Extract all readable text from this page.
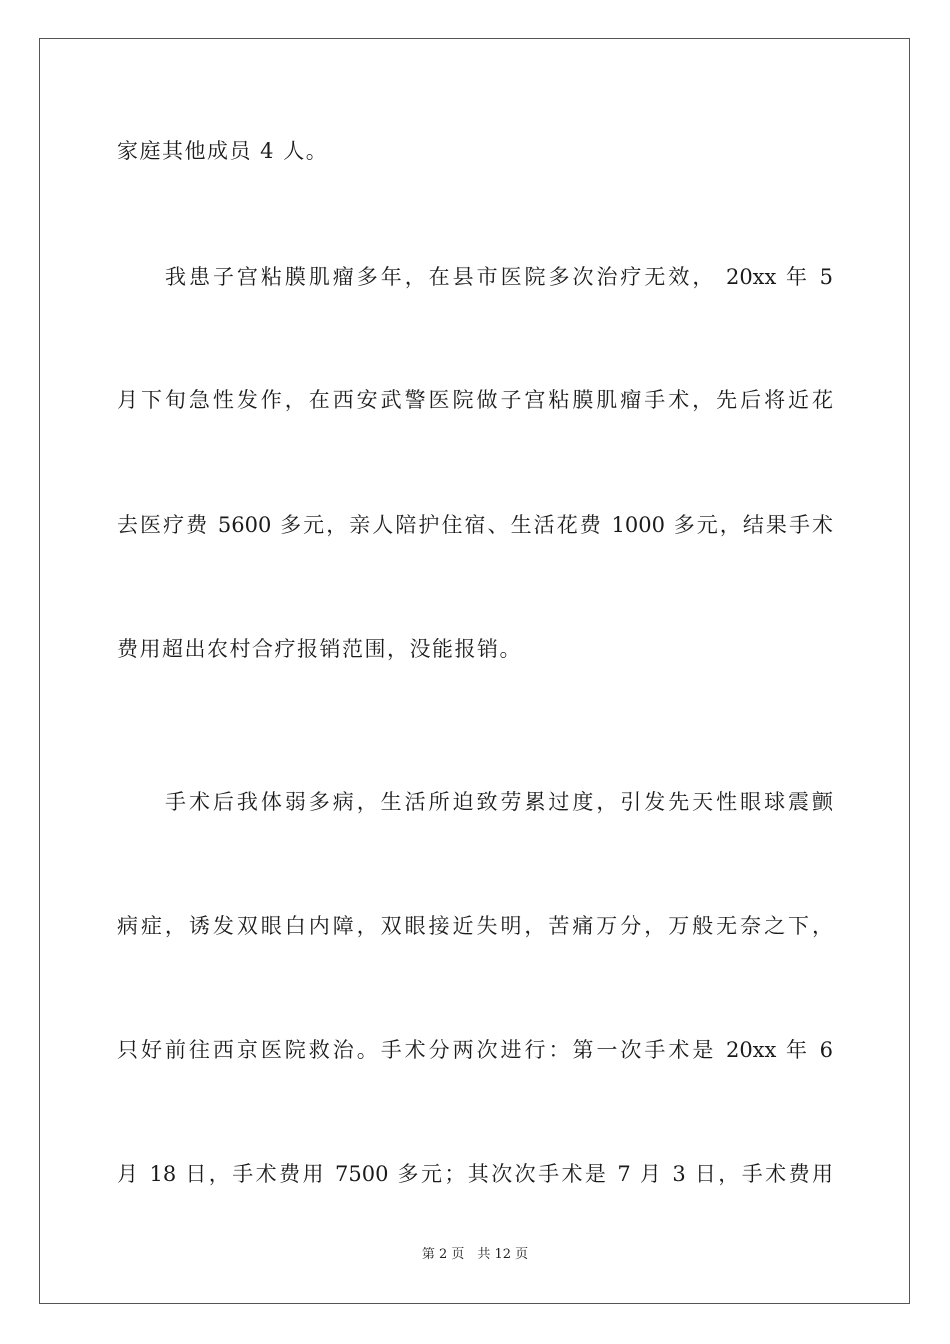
家庭其他成员 4 人。
我患子宫粘膜肌瘤多年，在县市医院多次治疗无效， 20xx 年 5
月下旬急性发作，在西安武警医院做子宫粘膜肌瘤手术，先后将近花
去医疗费 5600 多元，亲人陪护住宿、生活花费 1000 多元，结果手术
费用超出农村合疗报销范围，没能报销。
手术后我体弱多病，生活所迫致劳累过度，引发先天性眼球震颤
病症，诱发双眼白内障，双眼接近失明，苦痛万分，万般无奈之下，
只好前往西京医院救治。手术分两次进行：第一次手术是 20xx 年 6
月 18 日，手术费用 7500 多元；其次次手术是 7 月 3 日，手术费用
第 2 页　共 12 页
